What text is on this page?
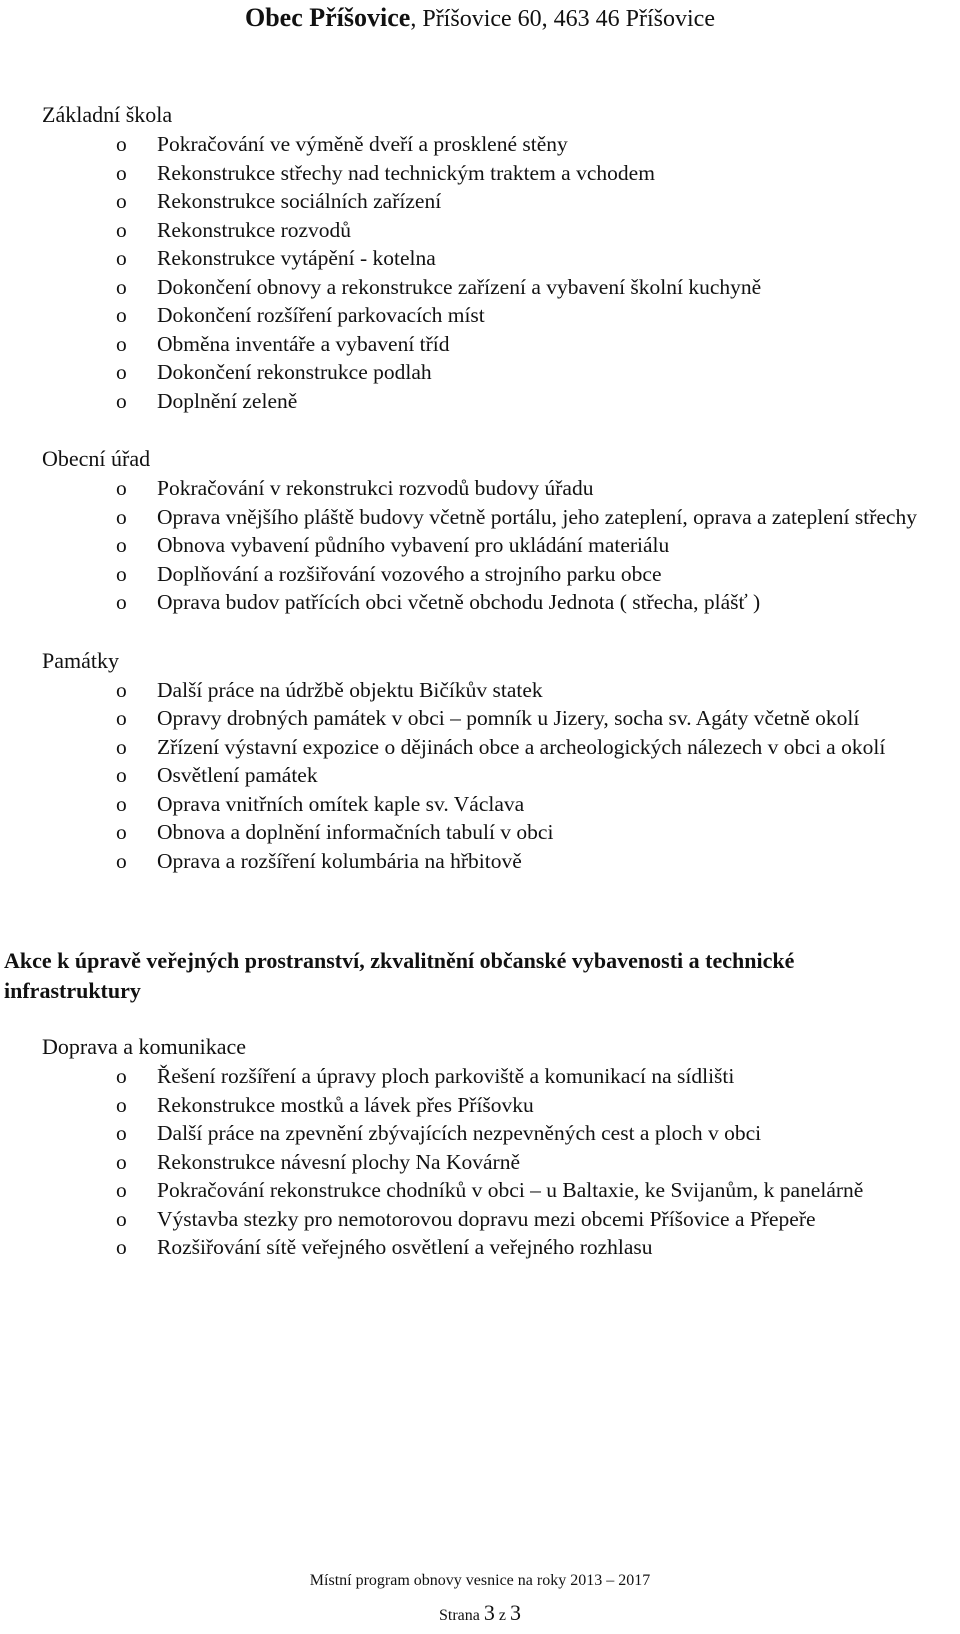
Obec Příšovice, Příšovice 60, 463 46 Příšovice
Základní škola
o Pokračování ve výměně dveří a prosklené stěny
o Rekonstrukce střechy nad technickým traktem a vchodem
o Rekonstrukce sociálních zařízení
o Rekonstrukce rozvodů
o Rekonstrukce vytápění - kotelna
o Dokončení obnovy a rekonstrukce zařízení a vybavení školní kuchyně
o Dokončení rozšíření parkovacích míst
o Obměna inventáře a vybavení tříd
o Dokončení rekonstrukce podlah
o Doplnění zeleně
Obecní úřad
o Pokračování v rekonstrukci rozvodů budovy úřadu
o Oprava vnějšího pláště budovy včetně portálu, jeho zateplení, oprava a zateplení střechy
o Obnova vybavení půdního vybavení pro ukládání materiálu
o Doplňování a rozšiřování vozového a strojního parku obce
o Oprava budov patřících obci včetně obchodu Jednota ( střecha, plášť )
Památky
o Další práce na údržbě objektu Bičíkův statek
o Opravy drobných památek v obci – pomník u Jizery, socha sv. Agáty včetně okolí
o Zřízení výstavní expozice o dějinách obce a archeologických nálezech v obci a okolí
o Osvětlení památek
o Oprava vnitřních omítek kaple sv. Václava
o Obnova a doplnění informačních tabulí v obci
o Oprava a rozšíření kolumbária na hřbitově
Akce k úpravě veřejných prostranství, zkvalitnění občanské vybavenosti a technické infrastruktury
Doprava a komunikace
o Řešení rozšíření a úpravy ploch parkoviště a komunikací na sídlišti
o Rekonstrukce mostků a lávek přes Příšovku
o Další práce na zpevnění zbývajících nezpevněných cest a ploch v obci
o Rekonstrukce návesní plochy Na Kovárně
o Pokračování rekonstrukce chodníků v obci – u Baltaxie, ke Svijanům, k panelárně
o Výstavba stezky pro nemotorovou dopravu mezi obcemi Příšovice a Přepeře
o Rozšiřování sítě veřejného osvětlení a veřejného rozhlasu
Místní program obnovy vesnice na roky 2013 – 2017
Strana 3 z 3
